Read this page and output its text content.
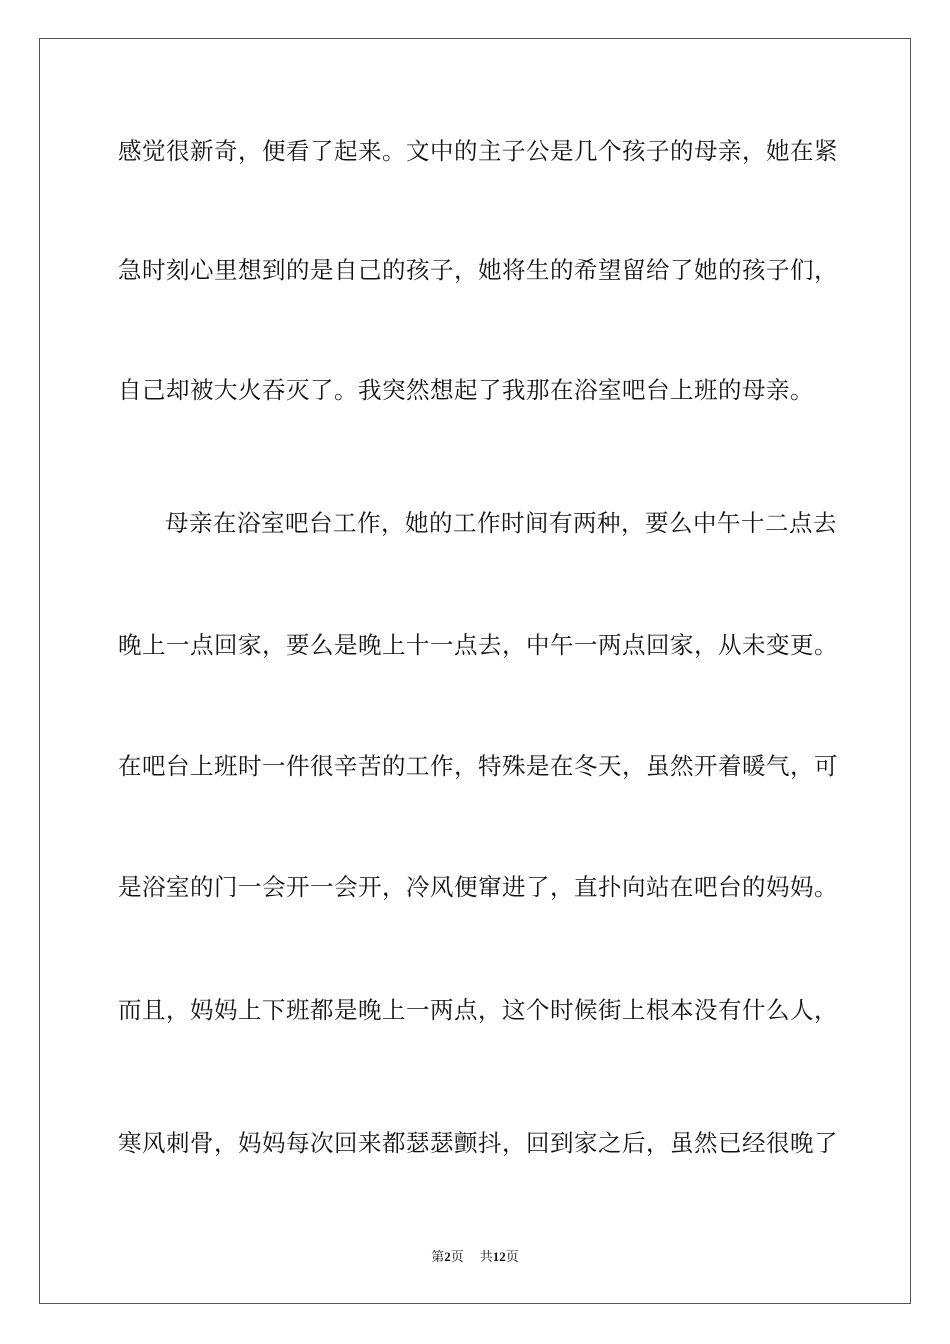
感觉很新奇，便看了起来。文中的主子公是几个孩子的母亲，她在紧
急时刻心里想到的是自己的孩子，她将生的希望留给了她的孩子们，
自己却被大火吞灭了。我突然想起了我那在浴室吧台上班的母亲。
母亲在浴室吧台工作，她的工作时间有两种，要么中午十二点去
晚上一点回家，要么是晚上十一点去，中午一两点回家，从未变更。
在吧台上班时一件很辛苦的工作，特殊是在冬天，虽然开着暖气，可
是浴室的门一会开一会开，冷风便窜进了，直扑向站在吧台的妈妈。
而且，妈妈上下班都是晚上一两点，这个时候街上根本没有什么人，
寒风刺骨，妈妈每次回来都瑟瑟颤抖，回到家之后，虽然已经很晚了
第2页 共12页
